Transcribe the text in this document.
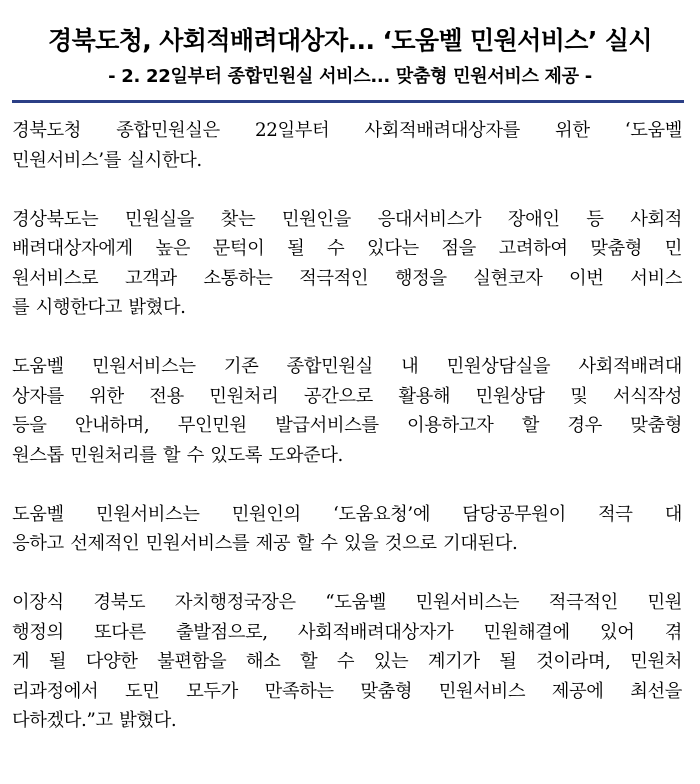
경북도청, 사회적배려대상자... ‘도움벨 민원서비스’ 실시
- 2. 22일부터 종합민원실 서비스... 맞춤형 민원서비스 제공 -

경북도청 종합민원실은 22일부터 사회적배려대상자를 위한 ‘도움벨
민원서비스’를 실시한다.

경상북도는 민원실을 찾는 민원인을 응대서비스가 장애인 등 사회적
배려대상자에게 높은 문턱이 될 수 있다는 점을 고려하여 맞춤형 민
원서비스로 고객과 소통하는 적극적인 행정을 실현코자 이번 서비스
를 시행한다고 밝혔다.

도움벨 민원서비스는 기존 종합민원실 내 민원상담실을 사회적배려대
상자를 위한 전용 민원처리 공간으로 활용해 민원상담 및 서식작성
등을 안내하며, 무인민원 발급서비스를 이용하고자 할 경우 맞춤형
원스톱 민원처리를 할 수 있도록 도와준다.

도움벨 민원서비스는 민원인의 ‘도움요청’에 담당공무원이 적극 대
응하고 선제적인 민원서비스를 제공 할 수 있을 것으로 기대된다.

이장식 경북도 자치행정국장은 “도움벨 민원서비스는 적극적인 민원
행정의 또다른 출발점으로, 사회적배려대상자가 민원해결에 있어 겪
게 될 다양한 불편함을 해소 할 수 있는 계기가 될 것이라며, 민원처
리과정에서 도민 모두가 만족하는 맞춤형 민원서비스 제공에 최선을
다하겠다.”고 밝혔다.
